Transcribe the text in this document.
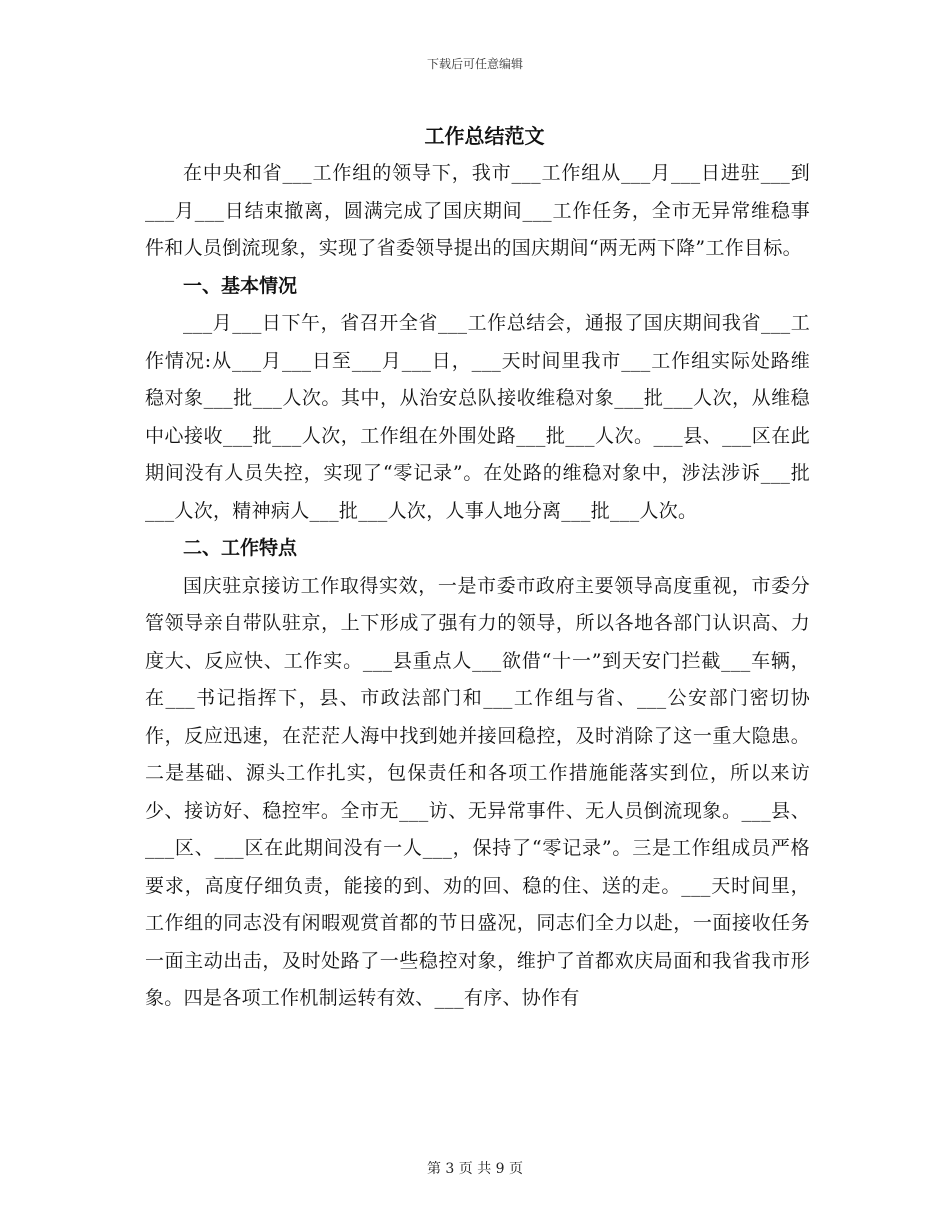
下载后可任意编辑
工作总结范文

在中央和省___工作组的领导下，我市___工作组从___月___日进驻___到___月___日结束撤离，圆满完成了国庆期间___工作任务，全市无异常维稳事件和人员倒流现象，实现了省委领导提出的国庆期间“两无两下降”工作目标。

一、基本情况

___月___日下午，省召开全省___工作总结会，通报了国庆期间我省___工作情况:从___月___日至___月___日，___天时间里我市___工作组实际处路维稳对象___批___人次。其中，从治安总队接收维稳对象___批___人次，从维稳中心接收___批___人次，工作组在外围处路___批___人次。___县、___区在此期间没有人员失控，实现了“零记录”。在处路的维稳对象中，涉法涉诉___批___人次，精神病人___批___人次，人事人地分离___批___人次。

二、工作特点

国庆驻京接访工作取得实效，一是市委市政府主要领导高度重视，市委分管领导亲自带队驻京，上下形成了强有力的领导，所以各地各部门认识高、力度大、反应快、工作实。___县重点人___欲借“十一”到天安门拦截___车辆，在___书记指挥下，县、市政法部门和___工作组与省、___公安部门密切协作，反应迅速，在茫茫人海中找到她并接回稳控，及时消除了这一重大隐患。二是基础、源头工作扎实，包保责任和各项工作措施能落实到位，所以来访少、接访好、稳控牢。全市无___访、无异常事件、无人员倒流现象。___县、___区、___区在此期间没有一人___，保持了“零记录”。三是工作组成员严格要求，高度仔细负责，能接的到、劝的回、稳的住、送的走。___天时间里，工作组的同志没有闲暇观赏首都的节日盛况，同志们全力以赴，一面接收任务一面主动出击，及时处路了一些稳控对象，维护了首都欢庆局面和我省我市形象。四是各项工作机制运转有效、___有序、协作有

第 3 页 共 9 页
